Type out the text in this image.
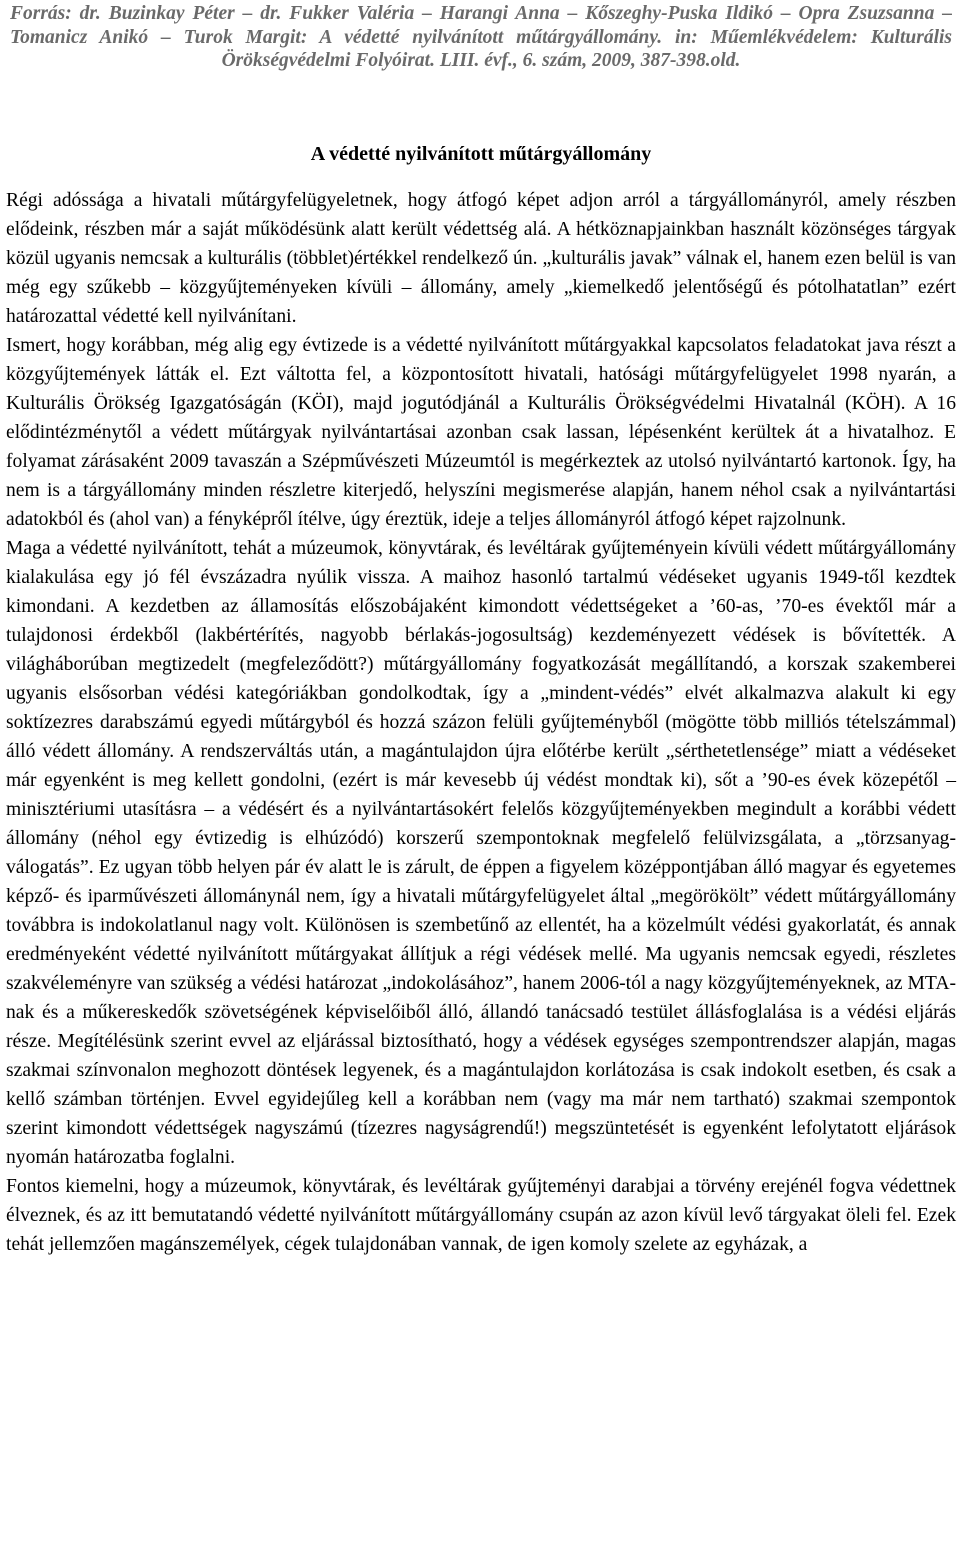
Forrás: dr. Buzinkay Péter – dr. Fukker Valéria – Harangi Anna – Kőszeghy-Puska Ildikó – Opra Zsuzsanna – Tomanicz Anikó – Turok Margit: A védetté nyilvánított műtárgyállomány. in: Műemlékvédelem: Kulturális Örökségvédelmi Folyóirat. LIII. évf., 6. szám, 2009, 387-398.old.

A védetté nyilvánított műtárgyállomány

Régi adóssága a hivatali műtárgyfelügyeletnek, hogy átfogó képet adjon arról a tárgyállományról, amely részben elődeink, részben már a saját működésünk alatt került védettség alá. A hétköznapjainkban használt közönséges tárgyak közül ugyanis nemcsak a kulturális (többlet)értékkel rendelkező ún. „kulturális javak” válnak el, hanem ezen belül is van még egy szűkebb – közgyűjteményeken kívüli – állomány, amely „kiemelkedő jelentőségű és pótolhatatlan” ezért határozattal védetté kell nyilvánítani.

Ismert, hogy korábban, még alig egy évtizede is a védetté nyilvánított műtárgyakkal kapcsolatos feladatokat java részt a közgyűjtemények látták el. Ezt váltotta fel, a központosított hivatali, hatósági műtárgyfelügyelet 1998 nyarán, a Kulturális Örökség Igazgatóságán (KÖI), majd jogutódjánál a Kulturális Örökségvédelmi Hivatalnál (KÖH). A 16 elődintézménytől a védett műtárgyak nyilvántartásai azonban csak lassan, lépésenként kerültek át a hivatalhoz. E folyamat zárásaként 2009 tavaszán a Szépművészeti Múzeumtól is megérkeztek az utolsó nyilvántartó kartonok. Így, ha nem is a tárgyállomány minden részletre kiterjedő, helyszíni megismerése alapján, hanem néhol csak a nyilvántartási adatokból és (ahol van) a fényképről ítélve, úgy éreztük, ideje a teljes állományról átfogó képet rajzolnunk.

Maga a védetté nyilvánított, tehát a múzeumok, könyvtárak, és levéltárak gyűjteményein kívüli védett műtárgyállomány kialakulása egy jó fél évszázadra nyúlik vissza. A maihoz hasonló tartalmú védéseket ugyanis 1949-től kezdtek kimondani. A kezdetben az államosítás előszobájaként kimondott védettségeket a ’60-as, ’70-es évektől már a tulajdonosi érdekből (lakbértérítés, nagyobb bérlakás-jogosultság) kezdeményezett védések is bővítették. A világháborúban megtizedelt (megfeleződött?) műtárgyállomány fogyatkozását megállítandó, a korszak szakemberei ugyanis elsősorban védési kategóriákban gondolkodtak, így a „mindent-védés” elvét alkalmazva alakult ki egy soktízezres darabszámú egyedi műtárgyból és hozzá százon felüli gyűjteményből (mögötte több milliós tételszámmal) álló védett állomány. A rendszerváltás után, a magántulajdon újra előtérbe került „sérthetetlensége” miatt a védéseket már egyenként is meg kellett gondolni, (ezért is már kevesebb új védést mondtak ki), sőt a ’90-es évek közepétől – minisztériumi utasításra – a védésért és a nyilvántartásokért felelős közgyűjteményekben megindult a korábbi védett állomány (néhol egy évtizedig is elhúzódó) korszerű szempontoknak megfelelő felülvizsgálata, a „törzsanyag-válogatás”. Ez ugyan több helyen pár év alatt le is zárult, de éppen a figyelem középpontjában álló magyar és egyetemes képző- és iparművészeti állománynál nem, így a hivatali műtárgyfelügyelet által „megörökölt” védett műtárgyállomány továbbra is indokolatlanul nagy volt. Különösen is szembetűnő az ellentét, ha a közelmúlt védési gyakorlatát, és annak eredményeként védetté nyilvánított műtárgyakat állítjuk a régi védések mellé. Ma ugyanis nemcsak egyedi, részletes szakvéleményre van szükség a védési határozat „indokolásához”, hanem 2006-tól a nagy közgyűjteményeknek, az MTA-nak és a műkereskedők szövetségének képviselőiből álló, állandó tanácsadó testület állásfoglalása is a védési eljárás része. Megítélésünk szerint evvel az eljárással biztosítható, hogy a védések egységes szempontrendszer alapján, magas szakmai színvonalon meghozott döntések legyenek, és a magántulajdon korlátozása is csak indokolt esetben, és csak a kellő számban történjen. Evvel egyidejűleg kell a korábban nem (vagy ma már nem tartható) szakmai szempontok szerint kimondott védettségek nagyszámú (tízezres nagyságrendű!) megszüntetését is egyenként lefolytatott eljárások nyomán határozatba foglalni.

Fontos kiemelni, hogy a múzeumok, könyvtárak, és levéltárak gyűjteményi darabjai a törvény erejénél fogva védettnek élveznek, és az itt bemutatandó védetté nyilvánított műtárgyállomány csupán az azon kívül levő tárgyakat öleli fel. Ezek tehát jellemzően magánszemélyek, cégek tulajdonában vannak, de igen komoly szelete az egyházak, a
